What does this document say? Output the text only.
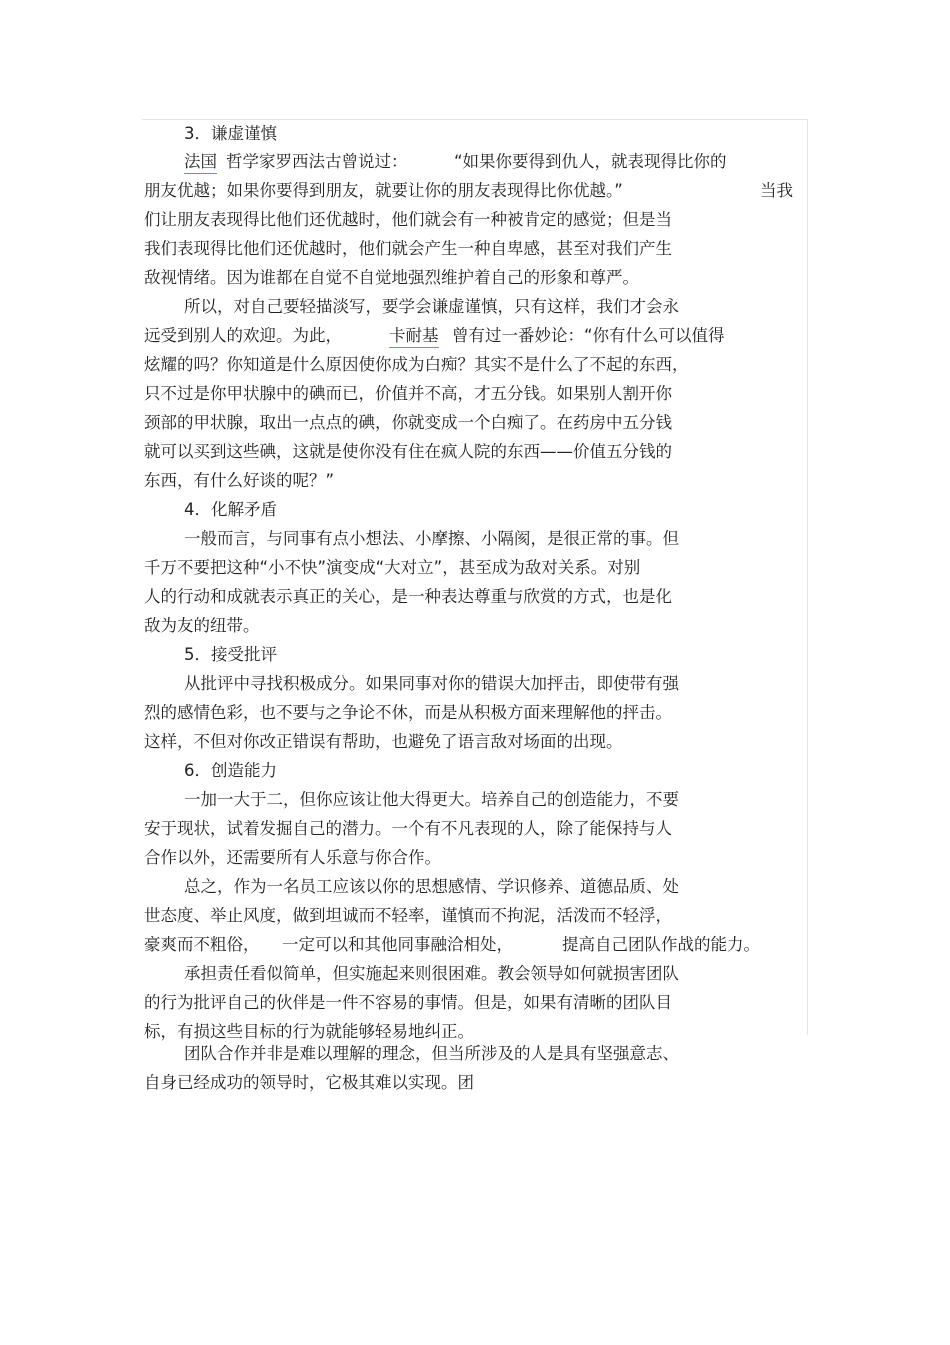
3．谦虚谨慎
法国 哲学家罗西法古曾说过：	“如果你要得到仇人，就表现得比你的
朋友优越；如果你要得到朋友，就要让你的朋友表现得比你优越。”	当我
们让朋友表现得比他们还优越时，他们就会有一种被肯定的感觉；但是当
我们表现得比他们还优越时，他们就会产生一种自卑感，甚至对我们产生
敌视情绪。因为谁都在自觉不自觉地强烈维护着自己的形象和尊严。
所以，对自己要轻描淡写，要学会谦虚谨慎，只有这样，我们才会永
远受到别人的欢迎。为此，	卡耐基 曾有过一番妙论：“你有什么可以值得
炫耀的吗？你知道是什么原因使你成为白痴？其实不是什么了不起的东西，
只不过是你甲状腺中的碘而已，价值并不高，才五分钱。如果别人割开你
颈部的甲状腺，取出一点点的碘，你就变成一个白痴了。在药房中五分钱
就可以买到这些碘，这就是使你没有住在疯人院的东西——价值五分钱的
东西，有什么好谈的呢？”
4．化解矛盾
一般而言，与同事有点小想法、小摩擦、小隔阂，是很正常的事。但
千万不要把这种“小不快”演变成“大对立”，甚至成为敌对关系。对别
人的行动和成就表示真正的关心，是一种表达尊重与欣赏的方式，也是化
敌为友的纽带。
5．接受批评
从批评中寻找积极成分。如果同事对你的错误大加抨击，即使带有强
烈的感情色彩，也不要与之争论不休，而是从积极方面来理解他的抨击。
这样，不但对你改正错误有帮助，也避免了语言敌对场面的出现。
6．创造能力
一加一大于二，但你应该让他大得更大。培养自己的创造能力，不要
安于现状，试着发掘自己的潜力。一个有不凡表现的人，除了能保持与人
合作以外，还需要所有人乐意与你合作。
总之，作为一名员工应该以你的思想感情、学识修养、道德品质、处
世态度、举止风度，做到坦诚而不轻率，谨慎而不拘泥，活泼而不轻浮，
豪爽而不粗俗， 一定可以和其他同事融洽相处，	提高自己团队作战的能力。
承担责任看似简单，但实施起来则很困难。教会领导如何就损害团队
的行为批评自己的伙伴是一件不容易的事情。但是，如果有清晰的团队目
标，有损这些目标的行为就能够轻易地纠正。
团队合作并非是难以理解的理念，但当所涉及的人是具有坚强意志、
自身已经成功的领导时，它极其难以实现。团
